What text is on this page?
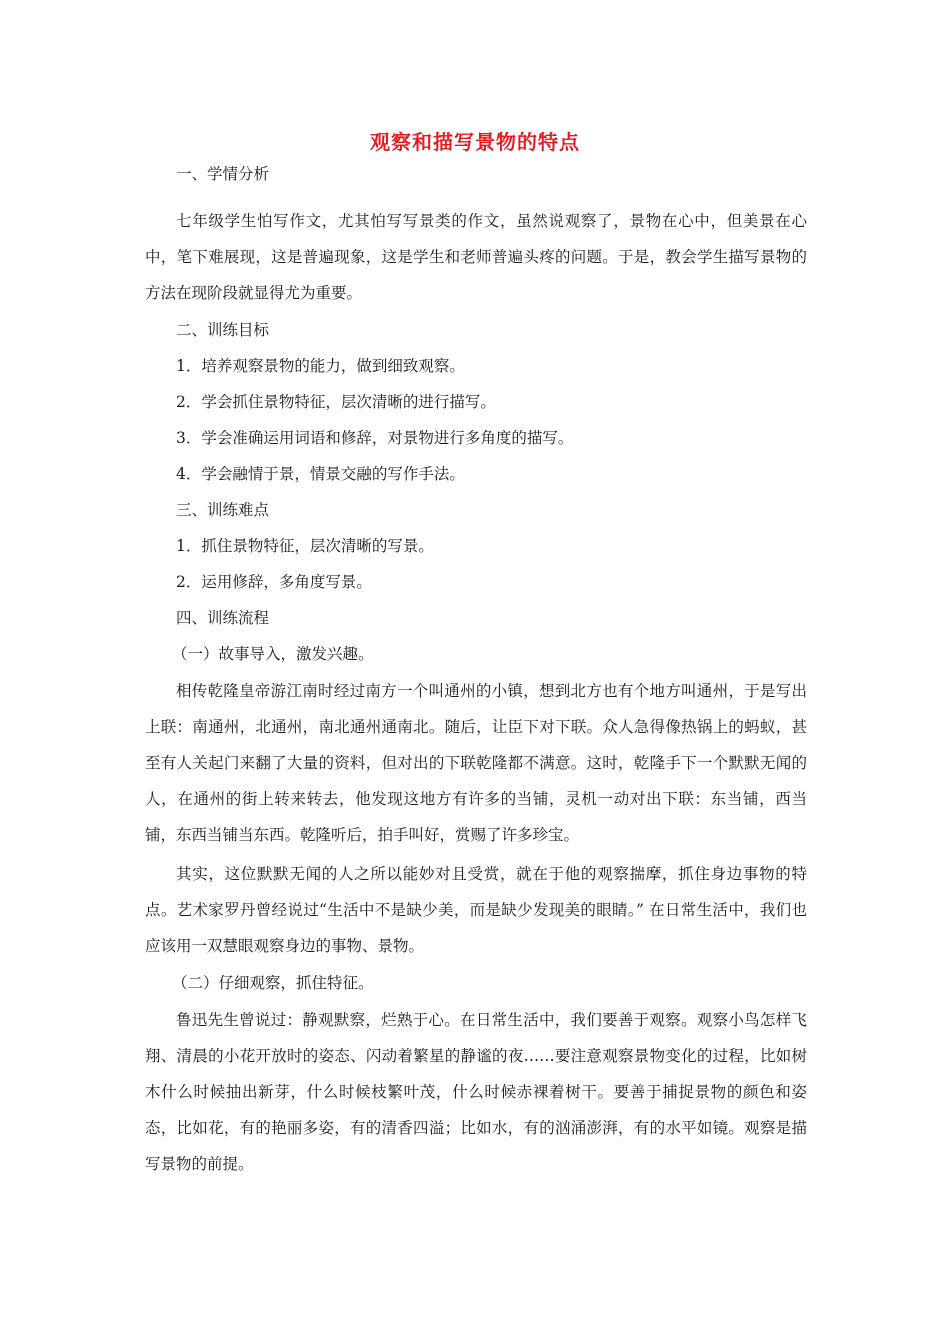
观察和描写景物的特点

一、学情分析

七年级学生怕写作文，尤其怕写写景类的作文，虽然说观察了，景物在心中，但美景在心中，笔下难展现，这是普遍现象，这是学生和老师普遍头疼的问题。于是，教会学生描写景物的方法在现阶段就显得尤为重要。

二、训练目标

1．培养观察景物的能力，做到细致观察。

2．学会抓住景物特征，层次清晰的进行描写。

3．学会准确运用词语和修辞，对景物进行多角度的描写。

4．学会融情于景，情景交融的写作手法。

三、训练难点

1．抓住景物特征，层次清晰的写景。

2．运用修辞，多角度写景。

四、训练流程

（一）故事导入，激发兴趣。

相传乾隆皇帝游江南时经过南方一个叫通州的小镇，想到北方也有个地方叫通州，于是写出上联：南通州，北通州，南北通州通南北。随后，让臣下对下联。众人急得像热锅上的蚂蚁，甚至有人关起门来翻了大量的资料，但对出的下联乾隆都不满意。这时，乾隆手下一个默默无闻的人，在通州的街上转来转去，他发现这地方有许多的当铺，灵机一动对出下联：东当铺，西当铺，东西当铺当东西。乾隆听后，拍手叫好，赏赐了许多珍宝。

其实，这位默默无闻的人之所以能妙对且受赏，就在于他的观察揣摩，抓住身边事物的特点。艺术家罗丹曾经说过“生活中不是缺少美，而是缺少发现美的眼睛。” 在日常生活中，我们也应该用一双慧眼观察身边的事物、景物。

（二）仔细观察，抓住特征。

鲁迅先生曾说过：静观默察，烂熟于心。在日常生活中，我们要善于观察。观察小鸟怎样飞翔、清晨的小花开放时的姿态、闪动着繁星的静谧的夜……要注意观察景物变化的过程，比如树木什么时候抽出新芽，什么时候枝繁叶茂，什么时候赤裸着树干。要善于捕捉景物的颜色和姿态，比如花，有的艳丽多姿，有的清香四溢；比如水，有的汹涌澎湃，有的水平如镜。观察是描写景物的前提。
